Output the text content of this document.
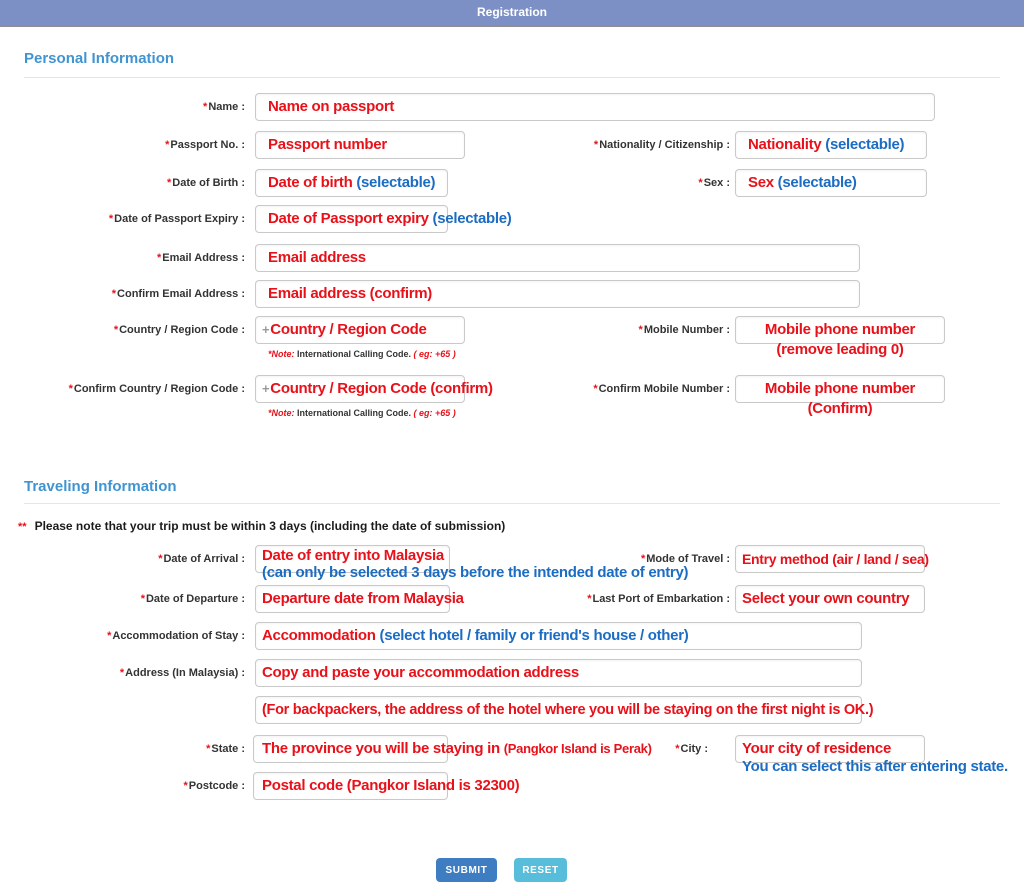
Registration
Personal Information
*Name : Name on passport
*Passport No. : Passport number	*Nationality / Citizenship : Nationality (selectable)
*Date of Birth : Date of birth (selectable)	*Sex : Sex (selectable)
*Date of Passport Expiry : Date of Passport expiry (selectable)
*Email Address : Email address
*Confirm Email Address : Email address (confirm)
*Country / Region Code : +Country / Region Code
*Note: International Calling Code. ( eg: +65 )
*Mobile Number :	Mobile phone number
(remove leading 0)
*Confirm Country / Region Code : +Country / Region Code (confirm)
*Note: International Calling Code. ( eg: +65 )
*Confirm Mobile Number :	Mobile phone number
(Confirm)
Traveling Information
** Please note that your trip must be within 3 days (including the date of submission)
*Date of Arrival : Date of entry into Malaysia
(can only be selected 3 days before the intended date of entry)
*Mode of Travel : Entry method (air / land / sea)
*Date of Departure : Departure date from Malaysia	*Last Port of Embarkation : Select your own country
*Accommodation of Stay : Accommodation (select hotel / family or friend's house / other)
*Address (In Malaysia) : Copy and paste your accommodation address
(For backpackers, the address of the hotel where you will be staying on the first night is OK.)
*State : The province you will be staying in (Pangkor Island is Perak)	*City : Your city of residence
You can select this after entering state.
*Postcode : Postal code (Pangkor Island is 32300)
SUBMIT	RESET
